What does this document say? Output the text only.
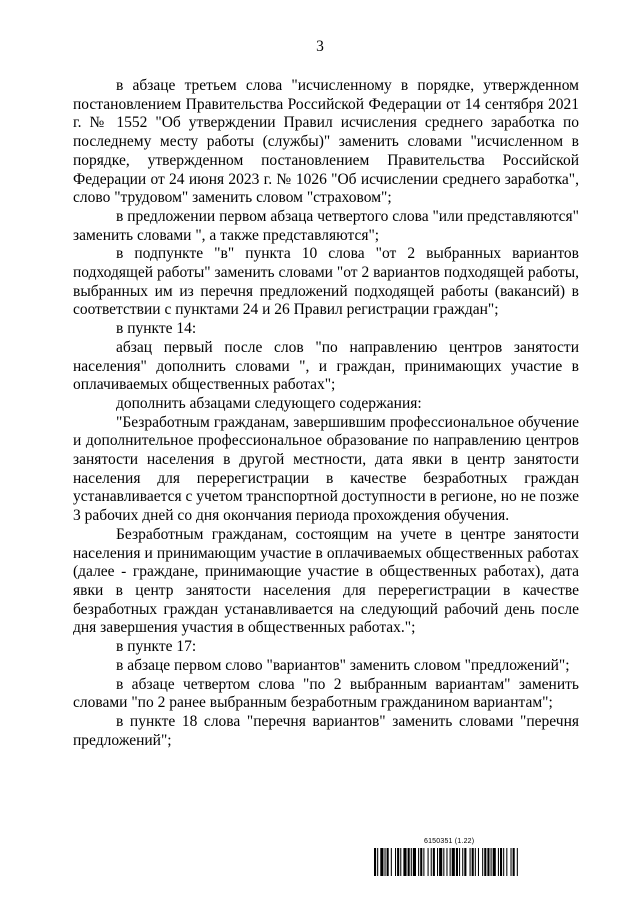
3

в абзаце третьем слова "исчисленному в порядке, утвержденном постановлением Правительства Российской Федерации от 14 сентября 2021 г. № 1552 "Об утверждении Правил исчисления среднего заработка по последнему месту работы (службы)" заменить словами "исчисленном в порядке, утвержденном постановлением Правительства Российской Федерации от 24 июня 2023 г. № 1026 "Об исчислении среднего заработка", слово "трудовом" заменить словом "страховом";

в предложении первом абзаца четвертого слова "или представляются" заменить словами ", а также представляются";

в подпункте "в" пункта 10 слова "от 2 выбранных вариантов подходящей работы" заменить словами "от 2 вариантов подходящей работы, выбранных им из перечня предложений подходящей работы (вакансий) в соответствии с пунктами 24 и 26 Правил регистрации граждан";

в пункте 14:

абзац первый после слов "по направлению центров занятости населения" дополнить словами ", и граждан, принимающих участие в оплачиваемых общественных работах";

дополнить абзацами следующего содержания:

"Безработным гражданам, завершившим профессиональное обучение и дополнительное профессиональное образование по направлению центров занятости населения в другой местности, дата явки в центр занятости населения для перерегистрации в качестве безработных граждан устанавливается с учетом транспортной доступности в регионе, но не позже 3 рабочих дней со дня окончания периода прохождения обучения.

Безработным гражданам, состоящим на учете в центре занятости населения и принимающим участие в оплачиваемых общественных работах (далее - граждане, принимающие участие в общественных работах), дата явки в центр занятости населения для перерегистрации в качестве безработных граждан устанавливается на следующий рабочий день после дня завершения участия в общественных работах.";

в пункте 17:

в абзаце первом слово "вариантов" заменить словом "предложений";

в абзаце четвертом слова "по 2 выбранным вариантам" заменить словами "по 2 ранее выбранным безработным гражданином вариантам";

в пункте 18 слова "перечня вариантов" заменить словами "перечня предложений";

6150351 (1.22)
